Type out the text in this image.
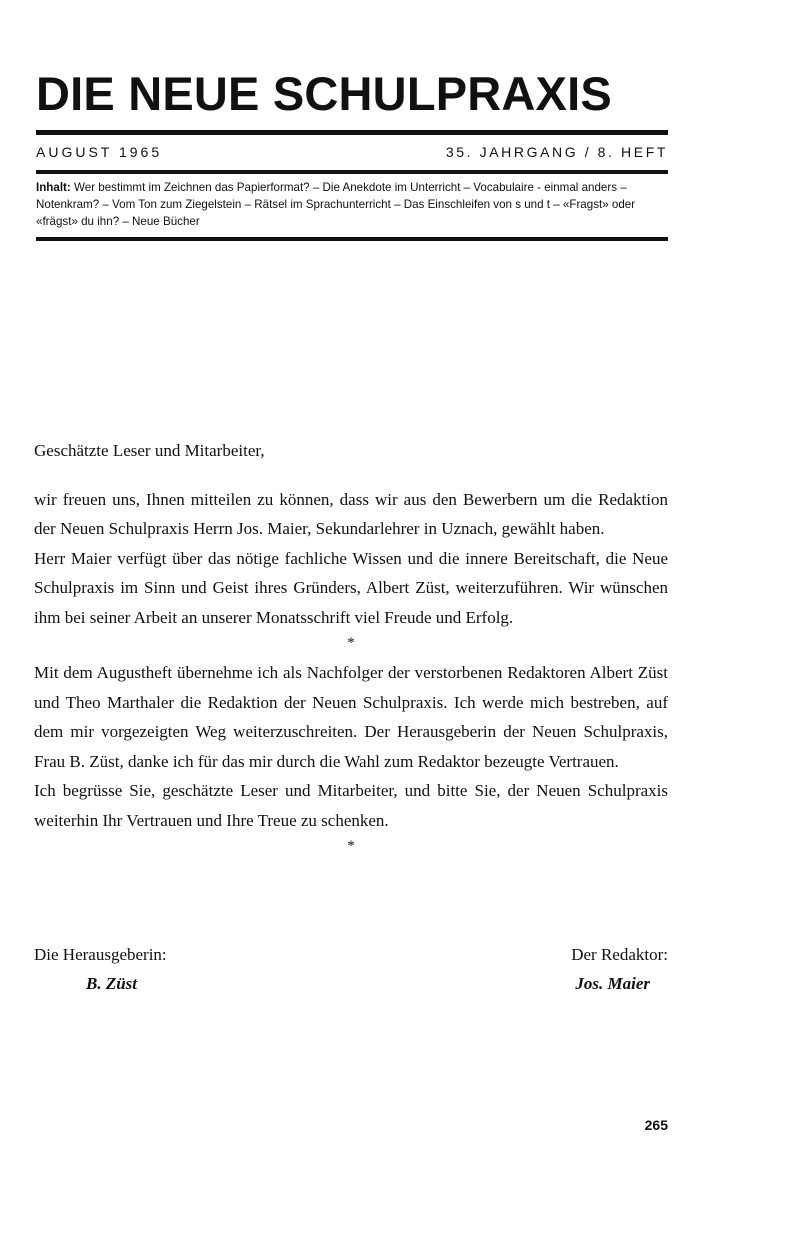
DIE NEUE SCHULPRAXIS
AUGUST 1965	35. JAHRGANG / 8. HEFT

Inhalt: Wer bestimmt im Zeichnen das Papierformat? – Die Anekdote im Unterricht – Vocabulaire - einmal anders – Notenkram? – Vom Ton zum Ziegelstein – Rätsel im Sprachunterricht – Das Einschleifen von s und t – «Fragst» oder «frägst» du ihn? – Neue Bücher

Geschätzte Leser und Mitarbeiter,

wir freuen uns, Ihnen mitteilen zu können, dass wir aus den Bewerbern um die Redaktion der Neuen Schulpraxis Herrn Jos. Maier, Sekundarlehrer in Uznach, gewählt haben.

Herr Maier verfügt über das nötige fachliche Wissen und die innere Bereitschaft, die Neue Schulpraxis im Sinn und Geist ihres Gründers, Albert Züst, weiterzuführen. Wir wünschen ihm bei seiner Arbeit an unserer Monatsschrift viel Freude und Erfolg.

*

Mit dem Augustheft übernehme ich als Nachfolger der verstorbenen Redaktoren Albert Züst und Theo Marthaler die Redaktion der Neuen Schulpraxis. Ich werde mich bestreben, auf dem mir vorgezeigten Weg weiterzuschreiten. Der Herausgeberin der Neuen Schulpraxis, Frau B. Züst, danke ich für das mir durch die Wahl zum Redaktor bezeugte Vertrauen.

Ich begrüsse Sie, geschätzte Leser und Mitarbeiter, und bitte Sie, der Neuen Schulpraxis weiterhin Ihr Vertrauen und Ihre Treue zu schenken.

*
Die Herausgeberin:
B. Züst
Der Redaktor:
Jos. Maier
265
